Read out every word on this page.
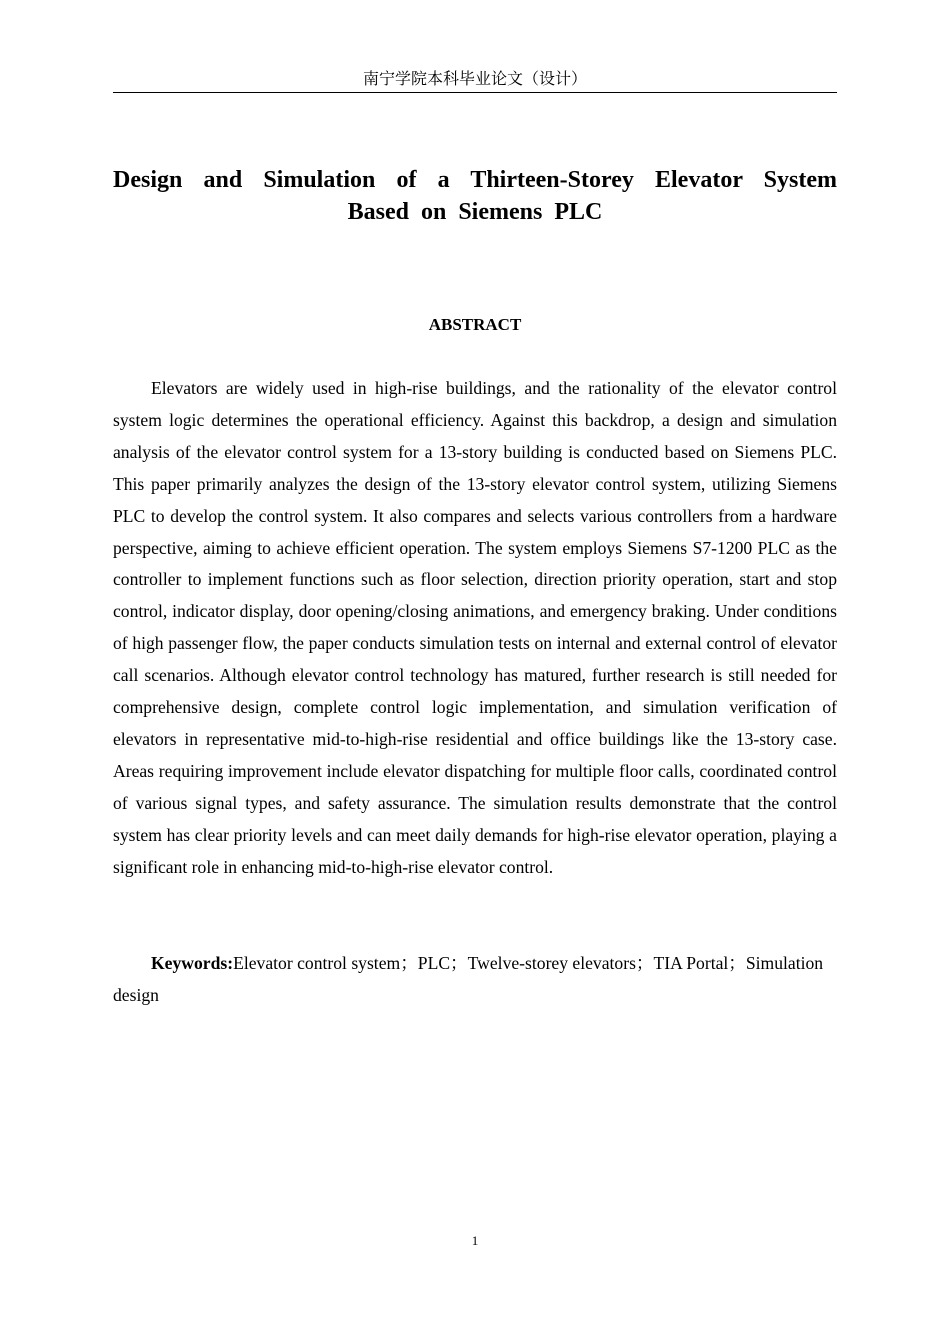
南宁学院本科毕业论文（设计）
Design and Simulation of a Thirteen-Storey Elevator System Based on Siemens PLC
ABSTRACT

Elevators are widely used in high-rise buildings, and the rationality of the elevator control system logic determines the operational efficiency. Against this backdrop, a design and simulation analysis of the elevator control system for a 13-story building is conducted based on Siemens PLC. This paper primarily analyzes the design of the 13-story elevator control system, utilizing Siemens PLC to develop the control system. It also compares and selects various controllers from a hardware perspective, aiming to achieve efficient operation. The system employs Siemens S7-1200 PLC as the controller to implement functions such as floor selection, direction priority operation, start and stop control, indicator display, door opening/closing animations, and emergency braking. Under conditions of high passenger flow, the paper conducts simulation tests on internal and external control of elevator call scenarios. Although elevator control technology has matured, further research is still needed for comprehensive design, complete control logic implementation, and simulation verification of elevators in representative mid-to-high-rise residential and office buildings like the 13-story case. Areas requiring improvement include elevator dispatching for multiple floor calls, coordinated control of various signal types, and safety assurance. The simulation results demonstrate that the control system has clear priority levels and can meet daily demands for high-rise elevator operation, playing a significant role in enhancing mid-to-high-rise elevator control.

Keywords:Elevator control system；PLC；Twelve-storey elevators；TIA Portal；Simulation design

1
